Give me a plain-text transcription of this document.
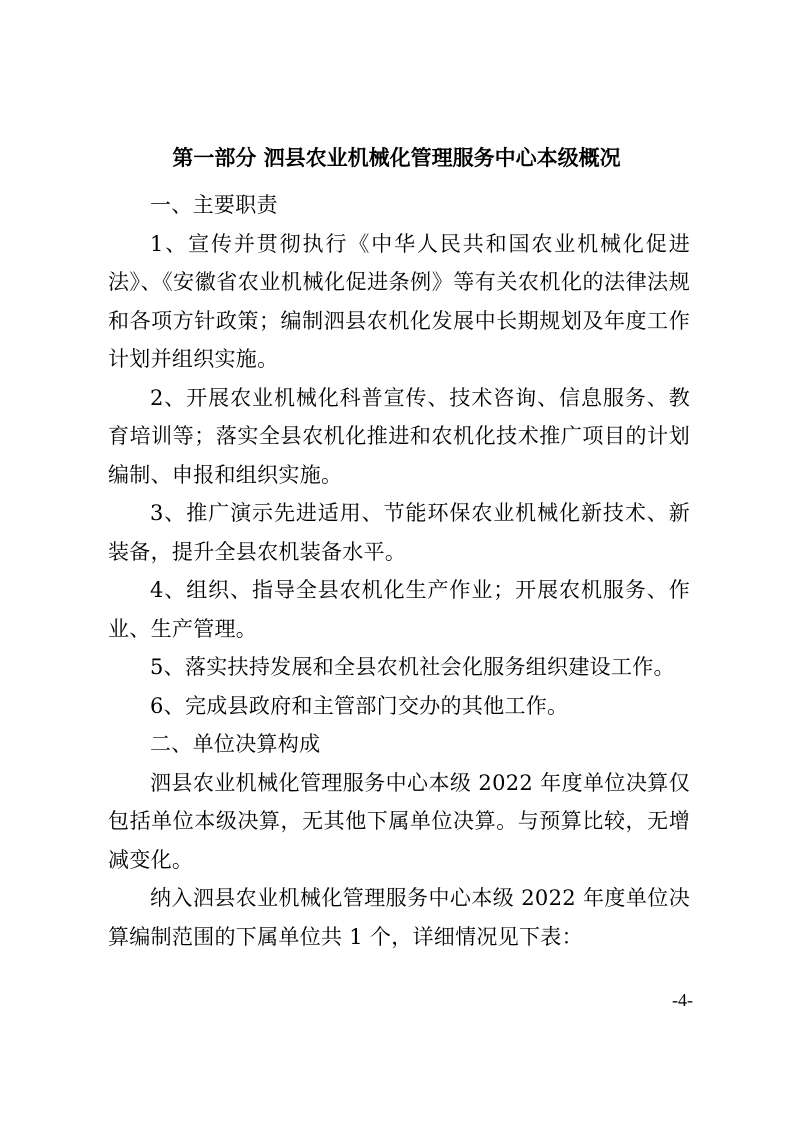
第一部分 泗县农业机械化管理服务中心本级概况

一、主要职责

1、宣传并贯彻执行《中华人民共和国农业机械化促进法》、《安徽省农业机械化促进条例》等有关农机化的法律法规和各项方针政策；编制泗县农机化发展中长期规划及年度工作计划并组织实施。

2、开展农业机械化科普宣传、技术咨询、信息服务、教育培训等；落实全县农机化推进和农机化技术推广项目的计划编制、申报和组织实施。

3、推广演示先进适用、节能环保农业机械化新技术、新装备，提升全县农机装备水平。

4、组织、指导全县农机化生产作业；开展农机服务、作业、生产管理。

5、落实扶持发展和全县农机社会化服务组织建设工作。

6、完成县政府和主管部门交办的其他工作。

二、单位决算构成

泗县农业机械化管理服务中心本级 2022 年度单位决算仅包括单位本级决算，无其他下属单位决算。与预算比较，无增减变化。

纳入泗县农业机械化管理服务中心本级 2022 年度单位决算编制范围的下属单位共 1 个，详细情况见下表：

-4-
